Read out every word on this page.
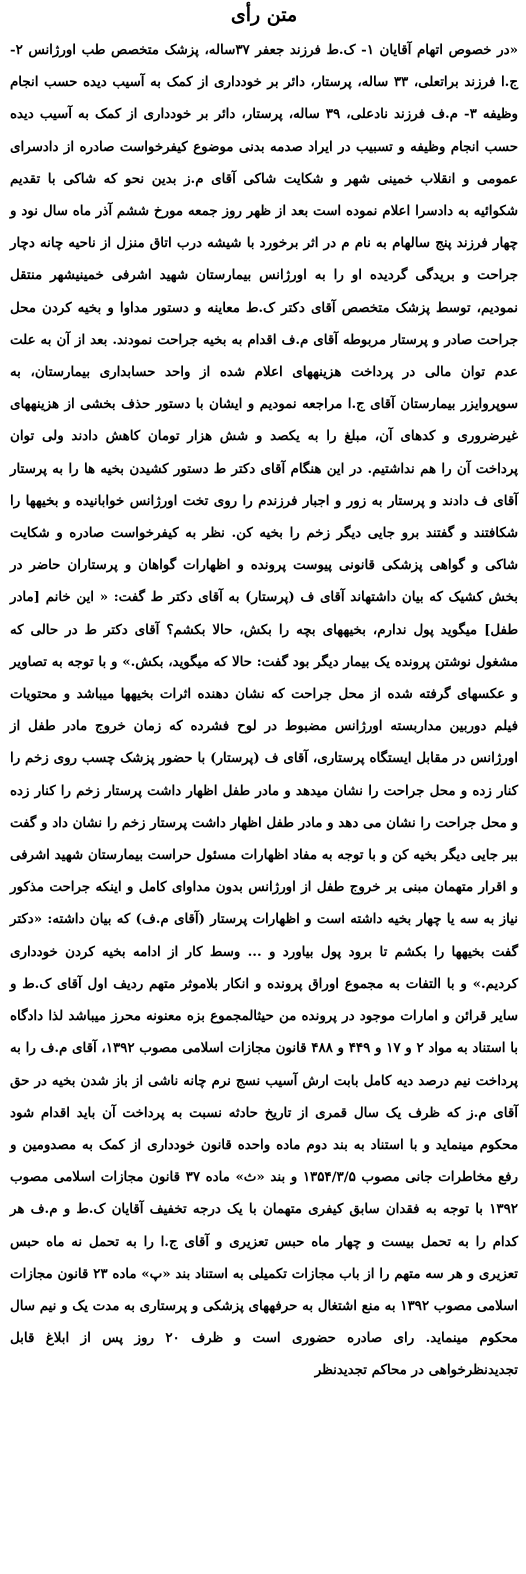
متن رأی

«در خصوص اتهام آقایان ۱- ک.ط فرزند جعفر ۳۷ساله، پزشک متخصص طب اورژانس ۲- ج.ا فرزند براتعلی، ۳۳ ساله، پرستار، دائر بر خودداری از کمک به آسیب دیده حسب انجام وظیفه ۳- م.ف فرزند نادعلی، ۳۹ ساله، پرستار، دائر بر خودداری از کمک به آسیب دیده حسب انجام وظیفه و تسبیب در ایراد صدمه بدنی موضوع کیفرخواست صادره از دادسرای عمومی و انقلاب خمینی شهر و شکایت شاکی آقای م.ز بدین نحو که شاکی با تقدیم شکوائیه به دادسرا اعلام نموده است بعد از ظهر روز جمعه مورخ ششم آذر ماه سال نود و چهار فرزند پنج سالهام به نام م در اثر برخورد با شیشه درب اتاق منزل از ناحیه چانه دچار جراحت و بریدگی گردیده او را به اورژانس بیمارستان شهید اشرفی خمینیشهر منتقل نمودیم، توسط پزشک متخصص آقای دکتر ک.ط معاینه و دستور مداوا و بخیه کردن محل جراحت صادر و پرستار مربوطه آقای م.ف اقدام به بخیه جراحت نمودند. بعد از آن به علت عدم توان مالی در پرداخت هزینههای اعلام شده از واحد حسابداری بیمارستان، به سوپروایزر بیمارستان آقای ج.ا مراجعه نمودیم و ایشان با دستور حذف بخشی از هزینههای غیرضروری و کدهای آن، مبلغ را به یکصد و شش هزار تومان کاهش دادند ولی توان پرداخت آن را هم نداشتیم. در این هنگام آقای دکتر ط دستور کشیدن بخیه ها را به پرستار آقای ف دادند و پرستار به زور و اجبار فرزندم را روی تخت اورژانس خوابانیده و بخیهها را شکافتند و گفتند برو جایی دیگر زخم را بخیه کن. نظر به کیفرخواست صادره و شکایت شاکی و گواهی پزشکی قانونی پیوست پرونده و اظهارات گواهان و پرستاران حاضر در بخش کشیک که بیان داشتهاند آقای ف (پرستار) به آقای دکتر ط گفت: « این خانم [مادر طفل] میگوید پول ندارم، بخیههای بچه را بکش، حالا بکشم؟ آقای دکتر ط در حالی که مشغول نوشتن پرونده یک بیمار دیگر بود گفت: حالا که میگوید، بکش.» و با توجه به تصاویر و عکسهای گرفته شده از محل جراحت که نشان دهنده اثرات بخیهها میباشد و محتویات فیلم دوربین مداربسته اورژانس مضبوط در لوح فشرده که زمان خروج مادر طفل از اورژانس در مقابل ایستگاه پرستاری، آقای ف (پرستار) با حضور پزشک چسب روی زخم را کنار زده و محل جراحت را نشان میدهد و مادر طفل اظهار داشت پرستار زخم را کنار زده و محل جراحت را نشان می دهد و مادر طفل اظهار داشت پرستار زخم را نشان داد و گفت ببر جایی دیگر بخیه کن و با توجه به مفاد اظهارات مسئول حراست بیمارستان شهید اشرفی و اقرار متهمان مبنی بر خروج طفل از اورژانس بدون مداوای کامل و اینکه جراحت مذکور نیاز به سه یا چهار بخیه داشته است و اظهارات پرستار (آقای م.ف) که بیان داشته: «دکتر گفت بخیهها را بکشم تا برود پول بیاورد و ... وسط کار از ادامه بخیه کردن خودداری کردیم.» و با التفات به مجموع اوراق پرونده و انکار بلاموثر متهم ردیف اول آقای ک.ط و سایر قرائن و امارات موجود در پرونده من حیثالمجموع بزه معنونه محرز میباشد لذا دادگاه با استناد به مواد ۲ و ۱۷ و ۴۴۹ و ۴۸۸ قانون مجازات اسلامی مصوب ۱۳۹۲، آقای م.ف را به پرداخت نیم درصد دیه کامل بابت ارش آسیب نسج نرم چانه ناشی از باز شدن بخیه در حق آقای م.ز که ظرف یک سال قمری از تاریخ حادثه نسبت به پرداخت آن باید اقدام شود محکوم مینماید و با استناد به بند دوم ماده واحده قانون خودداری از کمک به مصدومین و رفع مخاطرات جانی مصوب ۱۳۵۴/۳/۵ و بند «ث» ماده ۳۷ قانون مجازات اسلامی مصوب ۱۳۹۲ با توجه به فقدان سابق کیفری متهمان با یک درجه تخفیف آقایان ک.ط و م.ف هر کدام را به تحمل بیست و چهار ماه حبس تعزیری و آقای ج.ا را به تحمل نه ماه حبس تعزیری و هر سه متهم را از باب مجازات تکمیلی به استناد بند «پ» ماده ۲۳ قانون مجازات اسلامی مصوب ۱۳۹۲ به منع اشتغال به حرفههای پزشکی و پرستاری به مدت یک و نیم سال محکوم مینماید. رای صادره حضوری است و ظرف ۲۰ روز پس از ابلاغ قابل تجدیدنظرخواهی در محاکم تجدیدنظر
